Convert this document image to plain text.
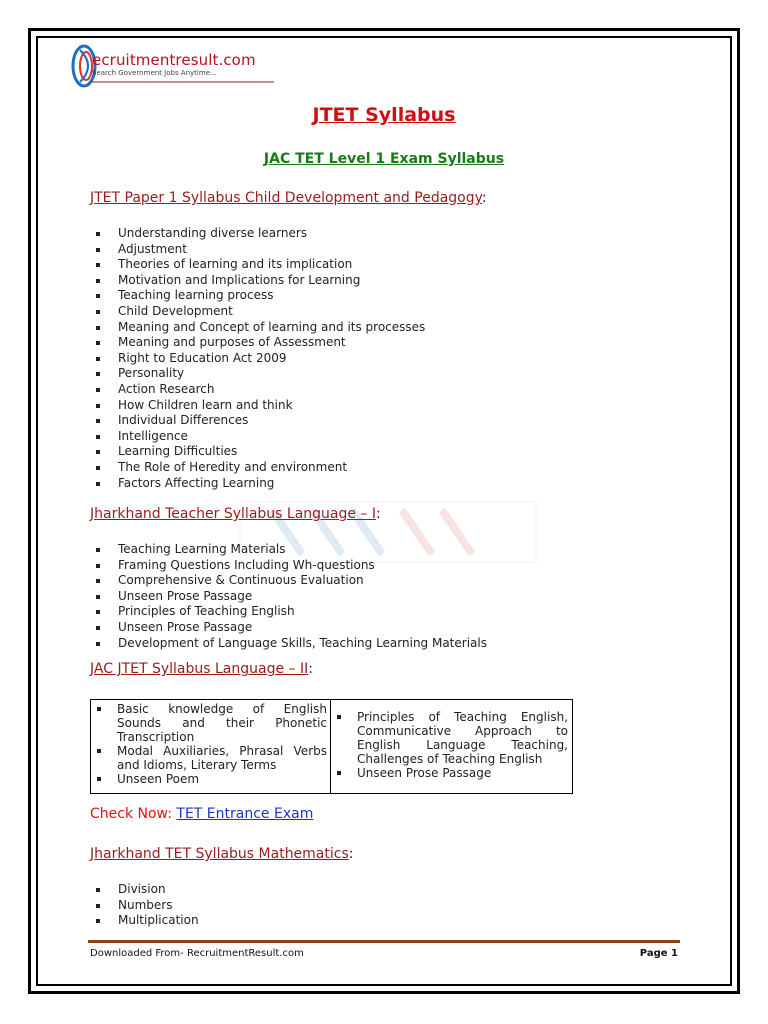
ecruitmentresult.com
Search Government Jobs Anytime...
JTET Syllabus
JAC TET Level 1 Exam Syllabus
JTET Paper 1 Syllabus Child Development and Pedagogy:
Understanding diverse learners
Adjustment
Theories of learning and its implication
Motivation and Implications for Learning
Teaching learning process
Child Development
Meaning and Concept of learning and its processes
Meaning and purposes of Assessment
Right to Education Act 2009
Personality
Action Research
How Children learn and think
Individual Differences
Intelligence
Learning Difficulties
The Role of Heredity and environment
Factors Affecting Learning
Jharkhand Teacher Syllabus Language – I:
Teaching Learning Materials
Framing Questions Including Wh-questions
Comprehensive & Continuous Evaluation
Unseen Prose Passage
Principles of Teaching English
Unseen Prose Passage
Development of Language Skills, Teaching Learning Materials
JAC JTET Syllabus Language – II:
Basic knowledge of English Sounds and their Phonetic Transcription
Modal Auxiliaries, Phrasal Verbs and Idioms, Literary Terms
Unseen Poem
Principles of Teaching English, Communicative Approach to English Language Teaching, Challenges of Teaching English
Unseen Prose Passage
Check Now: TET Entrance Exam
Jharkhand TET Syllabus Mathematics:
Division
Numbers
Multiplication
Downloaded From- RecruitmentResult.com	Page 1
